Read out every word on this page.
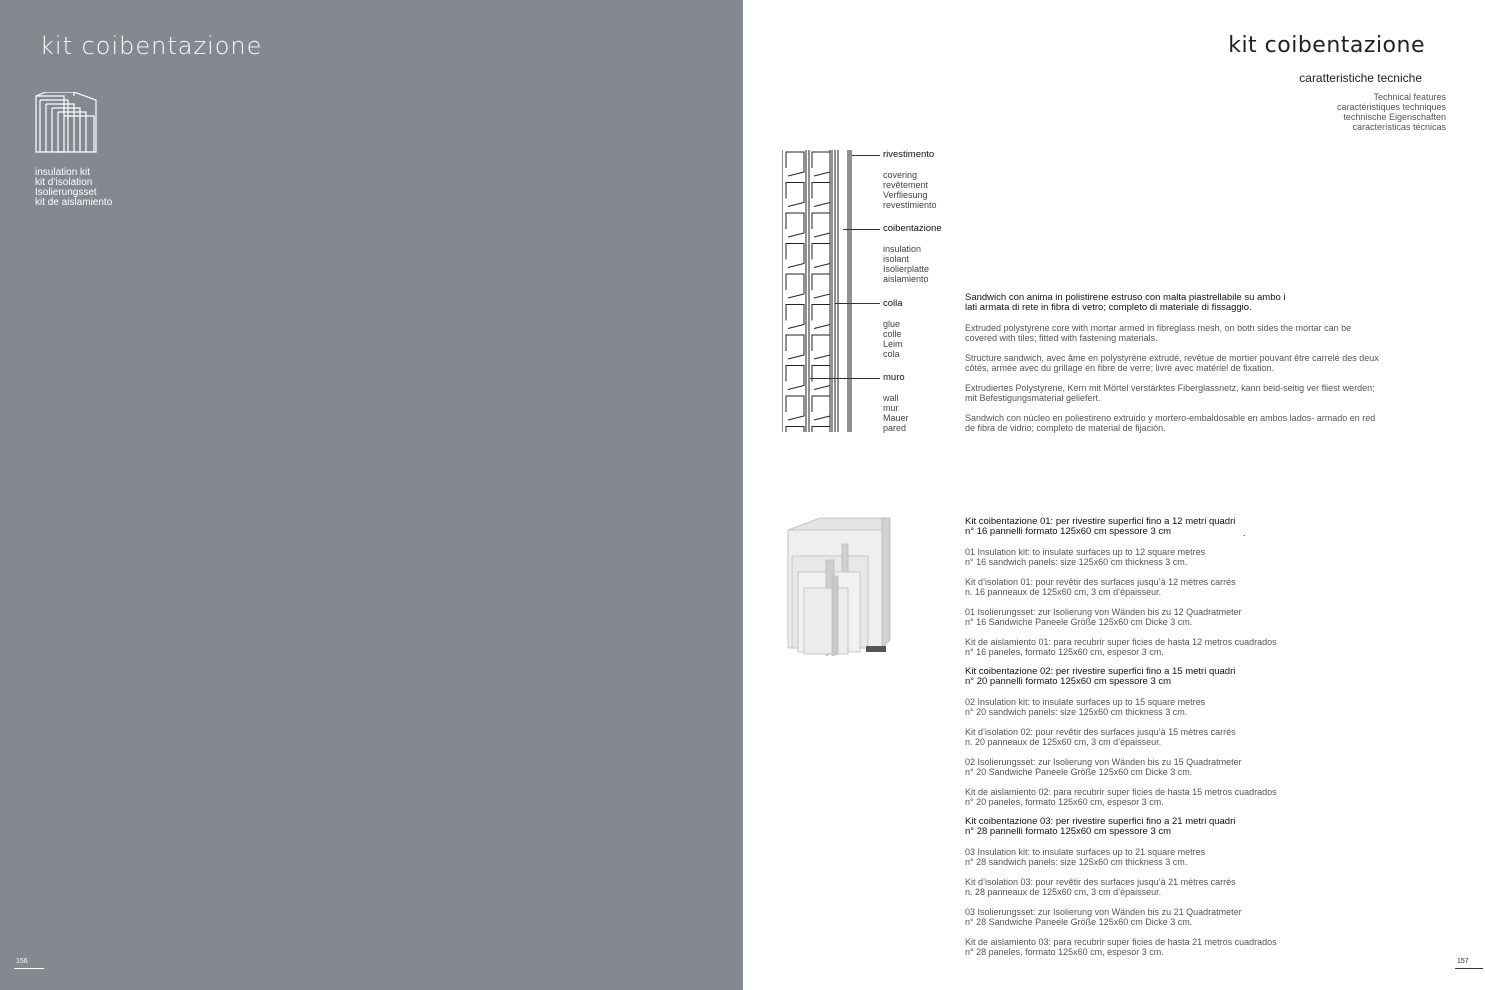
kit coibentazione
insulation kit
kit d’isolation
Isolierungsset
kit de aislamiento
156
kit coibentazione
caratteristiche tecniche
Technical features
caractéristiques techniques
technische Eigenschaften
características técnicas
rivestimento
covering
revêtement
Verfliesung
revestimiento
coibentazione
insulation
isolant
Isolierplatte
aislamiento
colla
glue
colle
Leim
cola
muro
wall
mur
Mauer
pared
Sandwich con anima in polistirene estruso con malta piastrellabile su ambo i
lati armata di rete in fibra di vetro; completo di materiale di fissaggio.
Extruded polystyrene core with mortar armed in fibreglass mesh, on both sides the mortar can be
covered with tiles; fitted with fastening materials.
Structure sandwich, avec âme en polystyrène extrudé, revêtue de mortier pouvant être carrelé des deux
côtés, armée avec du grillage en fibre de verre; livré avec matériel de fixation.
Extrudiertes Polystyrene, Kern mit Mörtel verstärktes Fiberglassnetz, kann beid-seitig ver fliest werden;
mit Befestigungsmaterial geliefert.
Sandwich con núcleo en poliestireno extruido y mortero-embaldosable en ambos lados- armado en red
de fibra de vidrio; completo de material de fijación.
Kit coibentazione 01: per rivestire superfici fino a 12 metri quadri
n° 16 pannelli formato 125x60 cm spessore 3 cm
01 Insulation kit: to insulate surfaces up to 12 square metres
n° 16 sandwich panels: size 125x60 cm thickness 3 cm.
Kit d’isolation 01: pour revêtir des surfaces jusqu’à 12 mètres carrés
n. 16 panneaux de 125x60 cm, 3 cm d’épaisseur.
01 Isolierungsset: zur Isolierung von Wänden bis zu 12 Quadratmeter
n° 16 Sandwiche Paneele Größe 125x60 cm Dicke 3 cm.
Kit de aislamiento 01: para recubrir super ficies de hasta 12 metros cuadrados
n° 16 paneles, formato 125x60 cm, espesor 3 cm.
.
Kit coibentazione 02: per rivestire superfici fino a 15 metri quadri
n° 20 pannelli formato 125x60 cm spessore 3 cm
02 Insulation kit: to insulate surfaces up to 15 square metres
n° 20 sandwich panels: size 125x60 cm thickness 3 cm.
Kit d’isolation 02: pour revêtir des surfaces jusqu’à 15 mètres carrés
n. 20 panneaux de 125x60 cm, 3 cm d’épaisseur.
02 Isolierungsset: zur Isolierung von Wänden bis zu 15 Quadratmeter
n° 20 Sandwiche Paneele Größe 125x60 cm Dicke 3 cm.
Kit de aislamiento 02: para recubrir super ficies de hasta 15 metros cuadrados
n° 20 paneles, formato 125x60 cm, espesor 3 cm.
Kit coibentazione 03: per rivestire superfici fino a 21 metri quadri
n° 28 pannelli formato 125x60 cm spessore 3 cm
03 Insulation kit: to insulate surfaces up to 21 square metres
n° 28 sandwich panels: size 125x60 cm thickness 3 cm.
Kit d’isolation 03: pour revêtir des surfaces jusqu’à 21 mètres carrés
n. 28 panneaux de 125x60 cm, 3 cm d’épaisseur.
03 Isolierungsset: zur Isolierung von Wänden bis zu 21 Quadratmeter
n° 28 Sandwiche Paneele Größe 125x60 cm Dicke 3 cm.
Kit de aislamiento 03: para recubrir super ficies de hasta 21 metros cuadrados
n° 28 paneles, formato 125x60 cm, espesor 3 cm.
157
